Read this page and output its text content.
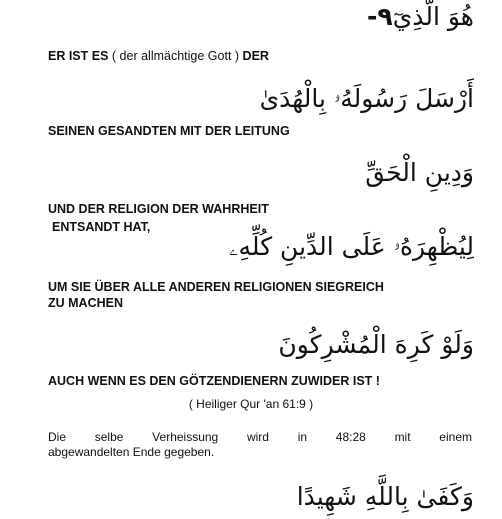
هُوَ الَّذِيٓ٩-
ER IST ES ( der allmächtige Gott ) DER
أَرْسَلَ رَسُولَهُۥ بِالْهُدَىٰ
SEINEN GESANDTEN MIT DER LEITUNG
وَدِينِ الْحَقِّ
UND DER RELIGION DER WAHRHEIT
ENTSANDT HAT,
لِيُظْهِرَهُۥ عَلَى الدِّينِ كُلِّهِۦ
UM SIE ÜBER ALLE ANDEREN RELIGIONEN SIEGREICH
ZU MACHEN
وَلَوْ كَرِهَ الْمُشْرِكُونَ
AUCH WENN ES DEN GÖTZENDIENERN ZUWIDER IST !
( Heiliger Qur 'an 61:9 )
Die selbe Verheissung wird in 48:28 mit einem
abgewandelten Ende gegeben.
وَكَفَىٰ بِاللَّهِ شَهِيدًا
